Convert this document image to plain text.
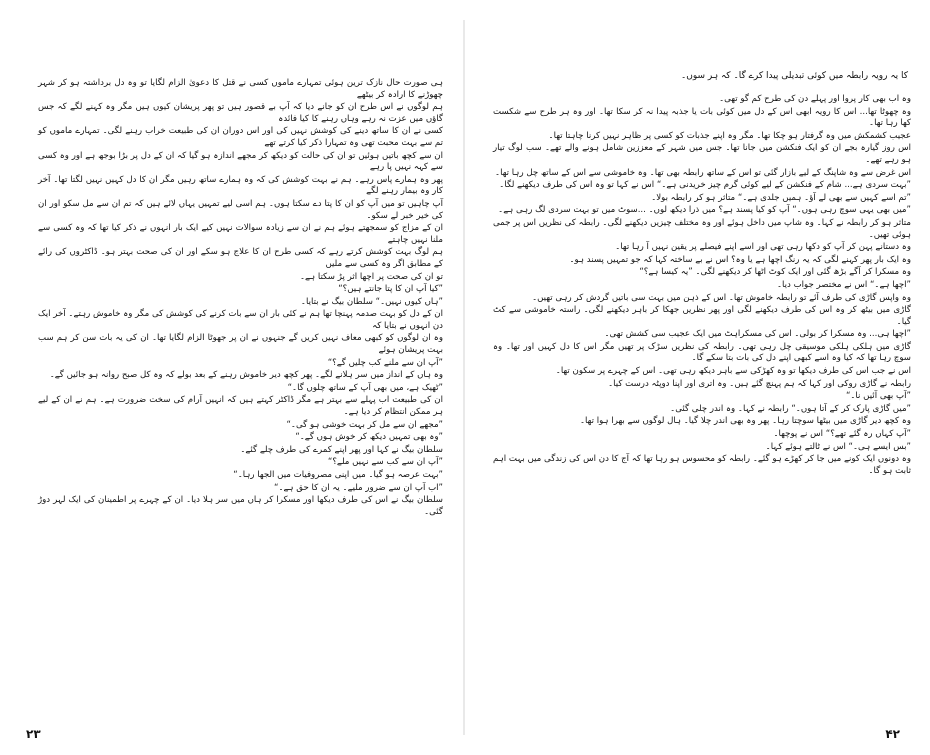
ہی صورت حال نازک ترین ہوئی تمہارے ماموں کسی نے قتل کا دعویٰ الزام لگایا تو وہ دل برداشتہ ہو کر شہر چھوڑنے کا ارادہ کر بیٹھے

ہم لوگوں نے اس طرح ان کو جانے دیا کہ آپ بے قصور ہیں تو پھر پریشان کیوں ہیں مگر وہ کہنے لگے کہ جس گاؤں میں عزت نہ رہے وہاں رہنے کا کیا فائدہ

کسی نے ان کا ساتھ دینے کی کوشش نہیں کی اور اس دوران ان کی طبیعت خراب رہنے لگی۔ تمہارے ماموں کو تم سے بہت محبت تھی وہ تمہارا ذکر کیا کرتے تھے

ان سے کچھ باتیں ہوئیں تو ان کی حالت کو دیکھ کر مجھے اندازہ ہو گیا کہ ان کے دل پر بڑا بوجھ ہے اور وہ کسی سے کہہ نہیں پا رہے

پھر وہ ہمارے پاس رہے۔ ہم نے بہت کوشش کی کہ وہ ہمارے ساتھ رہیں مگر ان کا دل کہیں نہیں لگتا تھا۔ آخر کار وہ بیمار رہنے لگے

آپ چاہیں تو میں آپ کو ان کا پتا دے سکتا ہوں۔ ہم اسی لیے تمہیں یہاں لائے ہیں کہ تم ان سے مل سکو اور ان کی خیر خبر لے سکو۔

ان کے مزاج کو سمجھتے ہوئے ہم نے ان سے زیادہ سوالات نہیں کیے ایک بار انہوں نے ذکر کیا تھا کہ وہ کسی سے ملنا نہیں چاہتے

ہم لوگ بہت کوشش کرتے رہے کہ کسی طرح ان کا علاج ہو سکے اور ان کی صحت بہتر ہو۔ ڈاکٹروں کی رائے کے مطابق اگر وہ کسی سے ملیں

تو ان کی صحت پر اچھا اثر پڑ سکتا ہے۔

”کیا آپ ان کا پتا جانتے ہیں؟“

”ہاں کیوں نہیں۔“ سلطان بیگ نے بتایا۔

ان کے دل کو بہت صدمہ پہنچا تھا ہم نے کئی بار ان سے بات کرنے کی کوشش کی مگر وہ خاموش رہتے۔ آخر ایک دن انہوں نے بتایا کہ

وہ ان لوگوں کو کبھی معاف نہیں کریں گے جنہوں نے ان پر جھوٹا الزام لگایا تھا۔ ان کی یہ بات سن کر ہم سب بہت پریشان ہوئے

”آپ ان سے ملنے کب چلیں گے؟“

وہ ہاں کے انداز میں سر ہلانے لگے۔ پھر کچھ دیر خاموش رہنے کے بعد بولے کہ وہ کل صبح روانہ ہو جائیں گے۔

”ٹھیک ہے، میں بھی آپ کے ساتھ چلوں گا۔“

ان کی طبیعت اب پہلے سے بہتر ہے مگر ڈاکٹر کہتے ہیں کہ انہیں آرام کی سخت ضرورت ہے۔ ہم نے ان کے لیے ہر ممکن انتظام کر دیا ہے۔

”مجھے ان سے مل کر بہت خوشی ہو گی۔“

”وہ بھی تمہیں دیکھ کر خوش ہوں گے۔“

سلطان بیگ نے کہا اور پھر اپنے کمرے کی طرف چلے گئے۔

”آپ ان سے کب سے نہیں ملے؟“

”بہت عرصہ ہو گیا۔ میں اپنی مصروفیات میں الجھا رہا۔“

”اب آپ ان سے ضرور ملیے۔ یہ ان کا حق ہے۔“

سلطان بیگ نے اس کی طرف دیکھا اور مسکرا کر ہاں میں سر ہلا دیا۔ ان کے چہرے پر اطمینان کی ایک لہر دوڑ گئی۔

۲۳
کا یہ رویہ رابطہ میں کوئی تبدیلی پیدا کرے گا۔ کہ ہر سوں۔

وہ اب بھی کار پروا اور پہلے دن کی طرح کم گو تھی۔

وہ چھوٹا تھا... اس کا رویہ ابھی اس کے دل میں کوئی بات یا جذبہ پیدا نہ کر سکا تھا۔ اور وہ ہر طرح سے شکست کھا رہا تھا۔

عجیب کشمکش میں وہ گرفتار ہو چکا تھا۔ مگر وہ اپنے جذبات کو کسی پر ظاہر نہیں کرنا چاہتا تھا۔

اس روز گیارہ بجے ان کو ایک فنکشن میں جانا تھا۔ جس میں شہر کے معززین شامل ہونے والے تھے۔ سب لوگ تیار ہو رہے تھے۔

اس غرض سے وہ شاپنگ کے لیے بازار گئی تو اس کے ساتھ رابطہ بھی تھا۔ وہ خاموشی سے اس کے ساتھ چل رہا تھا۔

”بہت سردی ہے... شام کے فنکشن کے لیے کوئی گرم چیز خریدنی ہے۔“ اس نے کہا تو وہ اس کی طرف دیکھنے لگا۔

”تم اسے کہیں سے بھی لے آؤ۔ ہمیں جلدی ہے۔“ متاثر ہو کر رابطہ بولا۔

”میں بھی یہی سوچ رہی ہوں۔“ آپ کو کیا پسند ہے؟ میں ذرا دیکھ لوں۔ ...سوٹ میں تو بہت سردی لگ رہی ہے۔

متاثر ہو کر رابطہ نے کہا۔ وہ شاپ میں داخل ہوئے اور وہ مختلف چیزیں دیکھنے لگی۔ رابطہ کی نظریں اس پر جمی ہوئی تھیں۔

وہ دستانے پہن کر آپ کو دکھا رہی تھی اور اسے اپنے فیصلے پر یقین نہیں آ رہا تھا۔

وہ ایک بار پھر کہنے لگی کہ یہ رنگ اچھا ہے یا وہ؟ اس نے بے ساختہ کہا کہ جو تمہیں پسند ہو۔

وہ مسکرا کر آگے بڑھ گئی اور ایک کوٹ اٹھا کر دیکھنے لگی۔ ”یہ کیسا ہے؟“

”اچھا ہے۔“ اس نے مختصر جواب دیا۔

وہ واپس گاڑی کی طرف آئے تو رابطہ خاموش تھا۔ اس کے ذہن میں بہت سی باتیں گردش کر رہی تھیں۔

گاڑی میں بیٹھ کر وہ اس کی طرف دیکھنے لگی اور پھر نظریں جھکا کر باہر دیکھنے لگی۔ راستہ خاموشی سے کٹ گیا۔

”اچھا ہی... وہ مسکرا کر بولی۔ اس کی مسکراہٹ میں ایک عجیب سی کشش تھی۔

گاڑی میں ہلکی ہلکی موسیقی چل رہی تھی۔ رابطہ کی نظریں سڑک پر تھیں مگر اس کا دل کہیں اور تھا۔ وہ سوچ رہا تھا کہ کیا وہ اسے کبھی اپنے دل کی بات بتا سکے گا۔

اس نے جب اس کی طرف دیکھا تو وہ کھڑکی سے باہر دیکھ رہی تھی۔ اس کے چہرے پر سکون تھا۔

رابطہ نے گاڑی روکی اور کہا کہ ہم پہنچ گئے ہیں۔ وہ اتری اور اپنا دوپٹہ درست کیا۔

”آپ بھی آئیں نا۔“

”میں گاڑی پارک کر کے آتا ہوں۔“ رابطہ نے کہا۔ وہ اندر چلی گئی۔

وہ کچھ دیر گاڑی میں بیٹھا سوچتا رہا۔ پھر وہ بھی اندر چلا گیا۔ ہال لوگوں سے بھرا ہوا تھا۔

”آپ کہاں رہ گئے تھے؟“ اس نے پوچھا۔

”بس ایسے ہی۔“ اس نے ٹالتے ہوئے کہا۔

وہ دونوں ایک کونے میں جا کر کھڑے ہو گئے۔ رابطہ کو محسوس ہو رہا تھا کہ آج کا دن اس کی زندگی میں بہت اہم ثابت ہو گا۔

۴۲
